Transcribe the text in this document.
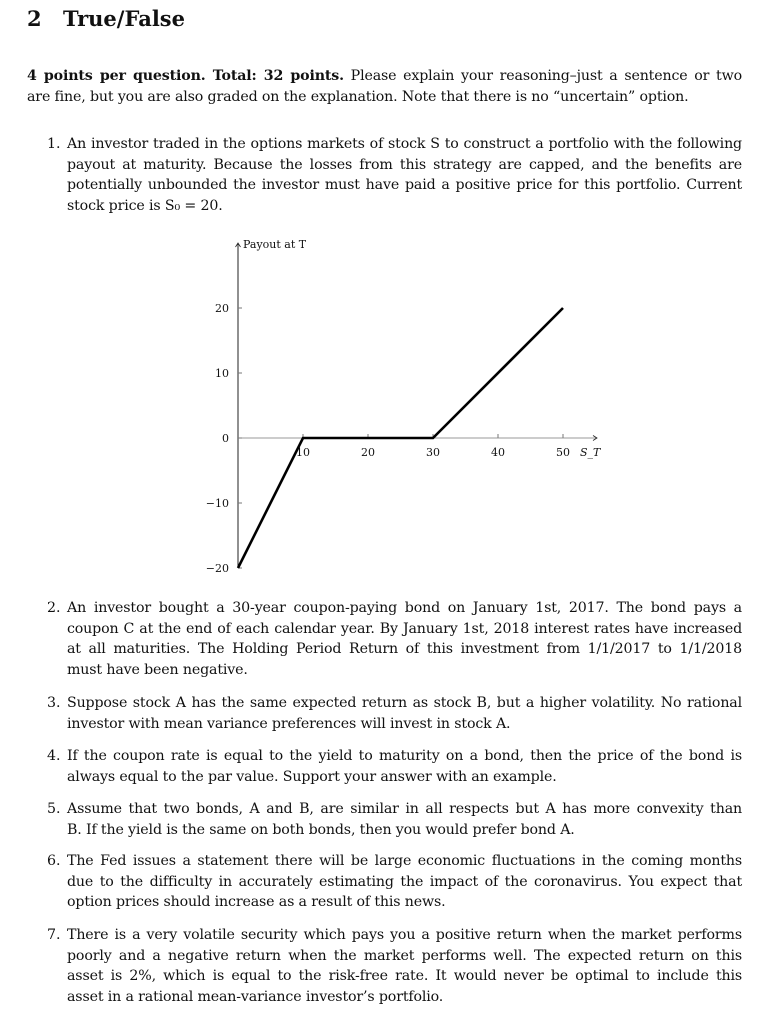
2 True/False
4 points per question. Total: 32 points. Please explain your reasoning–just a sentence or two
are fine, but you are also graded on the explanation. Note that there is no “uncertain” option.
1. An investor traded in the options markets of stock S to construct a portfolio with the following
payout at maturity. Because the losses from this strategy are capped, and the benefits are
potentially unbounded the investor must have paid a positive price for this portfolio. Current
stock price is S₀ = 20.
2. An investor bought a 30-year coupon-paying bond on January 1st, 2017. The bond pays a
coupon C at the end of each calendar year. By January 1st, 2018 interest rates have increased
at all maturities. The Holding Period Return of this investment from 1/1/2017 to 1/1/2018
must have been negative.
3. Suppose stock A has the same expected return as stock B, but a higher volatility. No rational
investor with mean variance preferences will invest in stock A.
4. If the coupon rate is equal to the yield to maturity on a bond, then the price of the bond is
always equal to the par value. Support your answer with an example.
5. Assume that two bonds, A and B, are similar in all respects but A has more convexity than
B. If the yield is the same on both bonds, then you would prefer bond A.
6. The Fed issues a statement there will be large economic fluctuations in the coming months
due to the difficulty in accurately estimating the impact of the coronavirus. You expect that
option prices should increase as a result of this news.
7. There is a very volatile security which pays you a positive return when the market performs
poorly and a negative return when the market performs well. The expected return on this
asset is 2%, which is equal to the risk-free rate. It would never be optimal to include this
asset in a rational mean-variance investor’s portfolio.
Payout at T
S_T
10	20	30	40	50
20
10
0
−10
−20
